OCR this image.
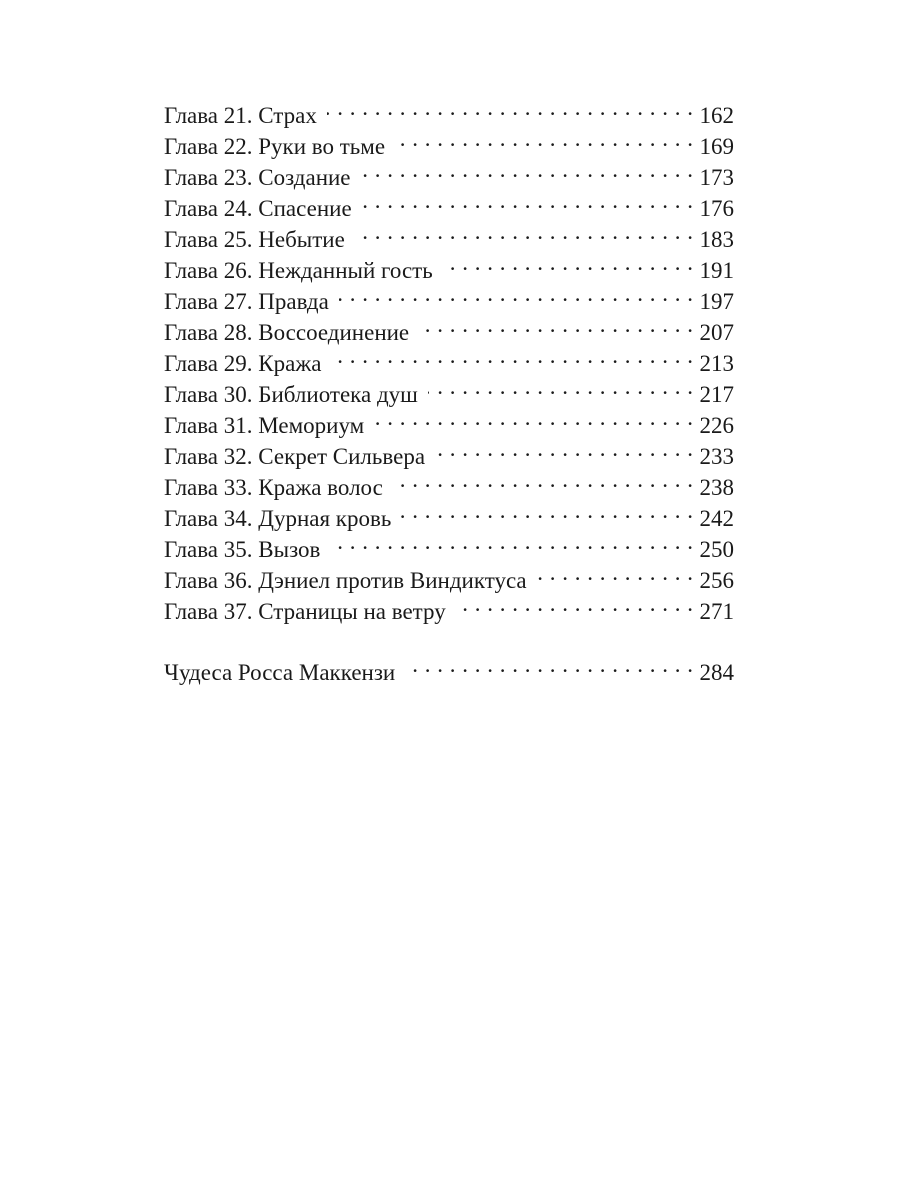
Глава 21. Страх . . .	162
Глава 22. Руки во тьме . . .	169
Глава 23. Создание . . .	173
Глава 24. Спасение . . .	176
Глава 25. Небытие . . .	183
Глава 26. Нежданный гость . . .	191
Глава 27. Правда . . .	197
Глава 28. Воссоединение . . .	207
Глава 29. Кража . . .	213
Глава 30. Библиотека душ . . .	217
Глава 31. Мемориум . . .	226
Глава 32. Секрет Сильвера . . .	233
Глава 33. Кража волос . . .	238
Глава 34. Дурная кровь . . .	242
Глава 35. Вызов . . .	250
Глава 36. Дэниел против Виндиктуса . . .	256
Глава 37. Страницы на ветру . . .	271
Чудеса Росса Маккензи . . .	284
